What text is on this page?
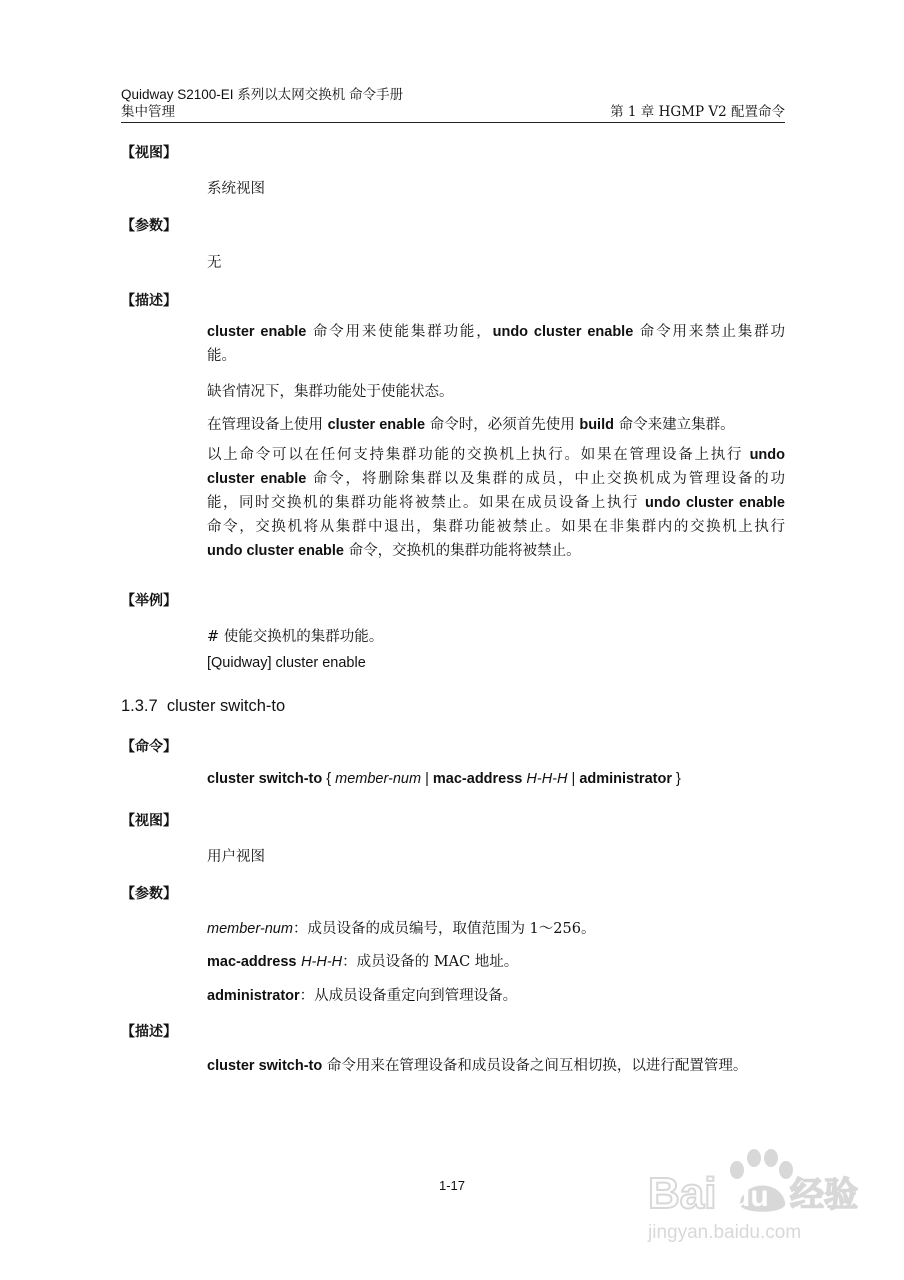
Quidway S2100-EI 系列以太网交换机 命令手册
集中管理	第 1 章 HGMP V2 配置命令
【视图】
系统视图
【参数】
无
【描述】
cluster enable 命令用来使能集群功能，undo cluster enable 命令用来禁止集群功
能。
缺省情况下，集群功能处于使能状态。
在管理设备上使用 cluster enable 命令时，必须首先使用 build 命令来建立集群。
以上命令可以在任何支持集群功能的交换机上执行。如果在管理设备上执行 undo
cluster enable 命令，将删除集群以及集群的成员，中止交换机成为管理设备的功
能，同时交换机的集群功能将被禁止。如果在成员设备上执行 undo cluster enable
命令，交换机将从集群中退出，集群功能被禁止。如果在非集群内的交换机上执行
undo cluster enable 命令，交换机的集群功能将被禁止。
【举例】
# 使能交换机的集群功能。
[Quidway] cluster enable
1.3.7 cluster switch-to
【命令】
cluster switch-to { member-num | mac-address H-H-H | administrator }
【视图】
用户视图
【参数】
member-num：成员设备的成员编号，取值范围为 1～256。
mac-address H-H-H：成员设备的 MAC 地址。
administrator：从成员设备重定向到管理设备。
【描述】
cluster switch-to 命令用来在管理设备和成员设备之间互相切换，以进行配置管理。
1-17	Bai 经验
du
jingyan.baidu.com
